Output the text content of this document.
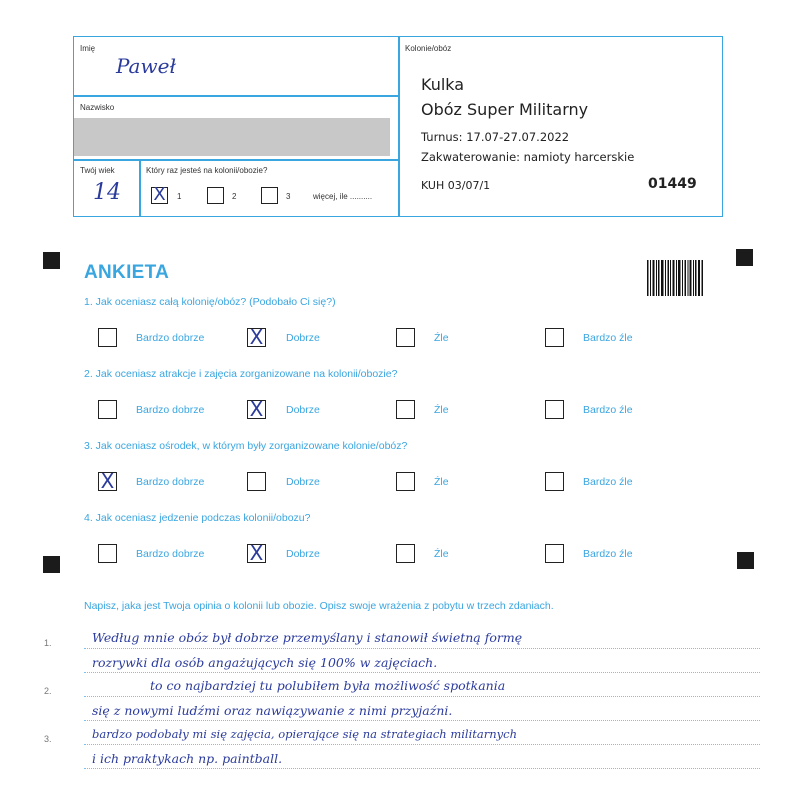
Imię
Paweł
Nazwisko
Twój wiek
14
Który raz jesteś na kolonii/obozie?
X	1	2	3	więcej, ile ..........
Kolonie/obóz
Kulka
Obóz Super Militarny
Turnus: 17.07-27.07.2022
Zakwaterowanie: namioty harcerskie
KUH 03/07/1	01449
ANKIETA
1. Jak oceniasz całą kolonię/obóz? (Podobało Ci się?)
Bardzo dobrze X Dobrze	Źle	Bardzo źle
2. Jak oceniasz atrakcje i zajęcia zorganizowane na kolonii/obozie?
Bardzo dobrze X Dobrze	Źle	Bardzo źle
3. Jak oceniasz ośrodek, w którym były zorganizowane kolonie/obóz?
X Bardzo dobrze	Dobrze	Źle	Bardzo źle
4. Jak oceniasz jedzenie podczas kolonii/obozu?
Bardzo dobrze X Dobrze	Źle	Bardzo źle
Napisz, jaka jest Twoja opinia o kolonii lub obozie. Opisz swoje wrażenia z pobytu w trzech zdaniach.
1.
2.
3.
Według mnie obóz był dobrze przemyślany i stanowił świetną formę
rozrywki dla osób angażujących się 100% w zajęciach.
to co najbardziej tu polubiłem była możliwość spotkania
się z nowymi ludźmi oraz nawiązywanie z nimi przyjaźni.
bardzo podobały mi się zajęcia, opierające się na strategiach militarnych
i ich praktykach np. paintball.
